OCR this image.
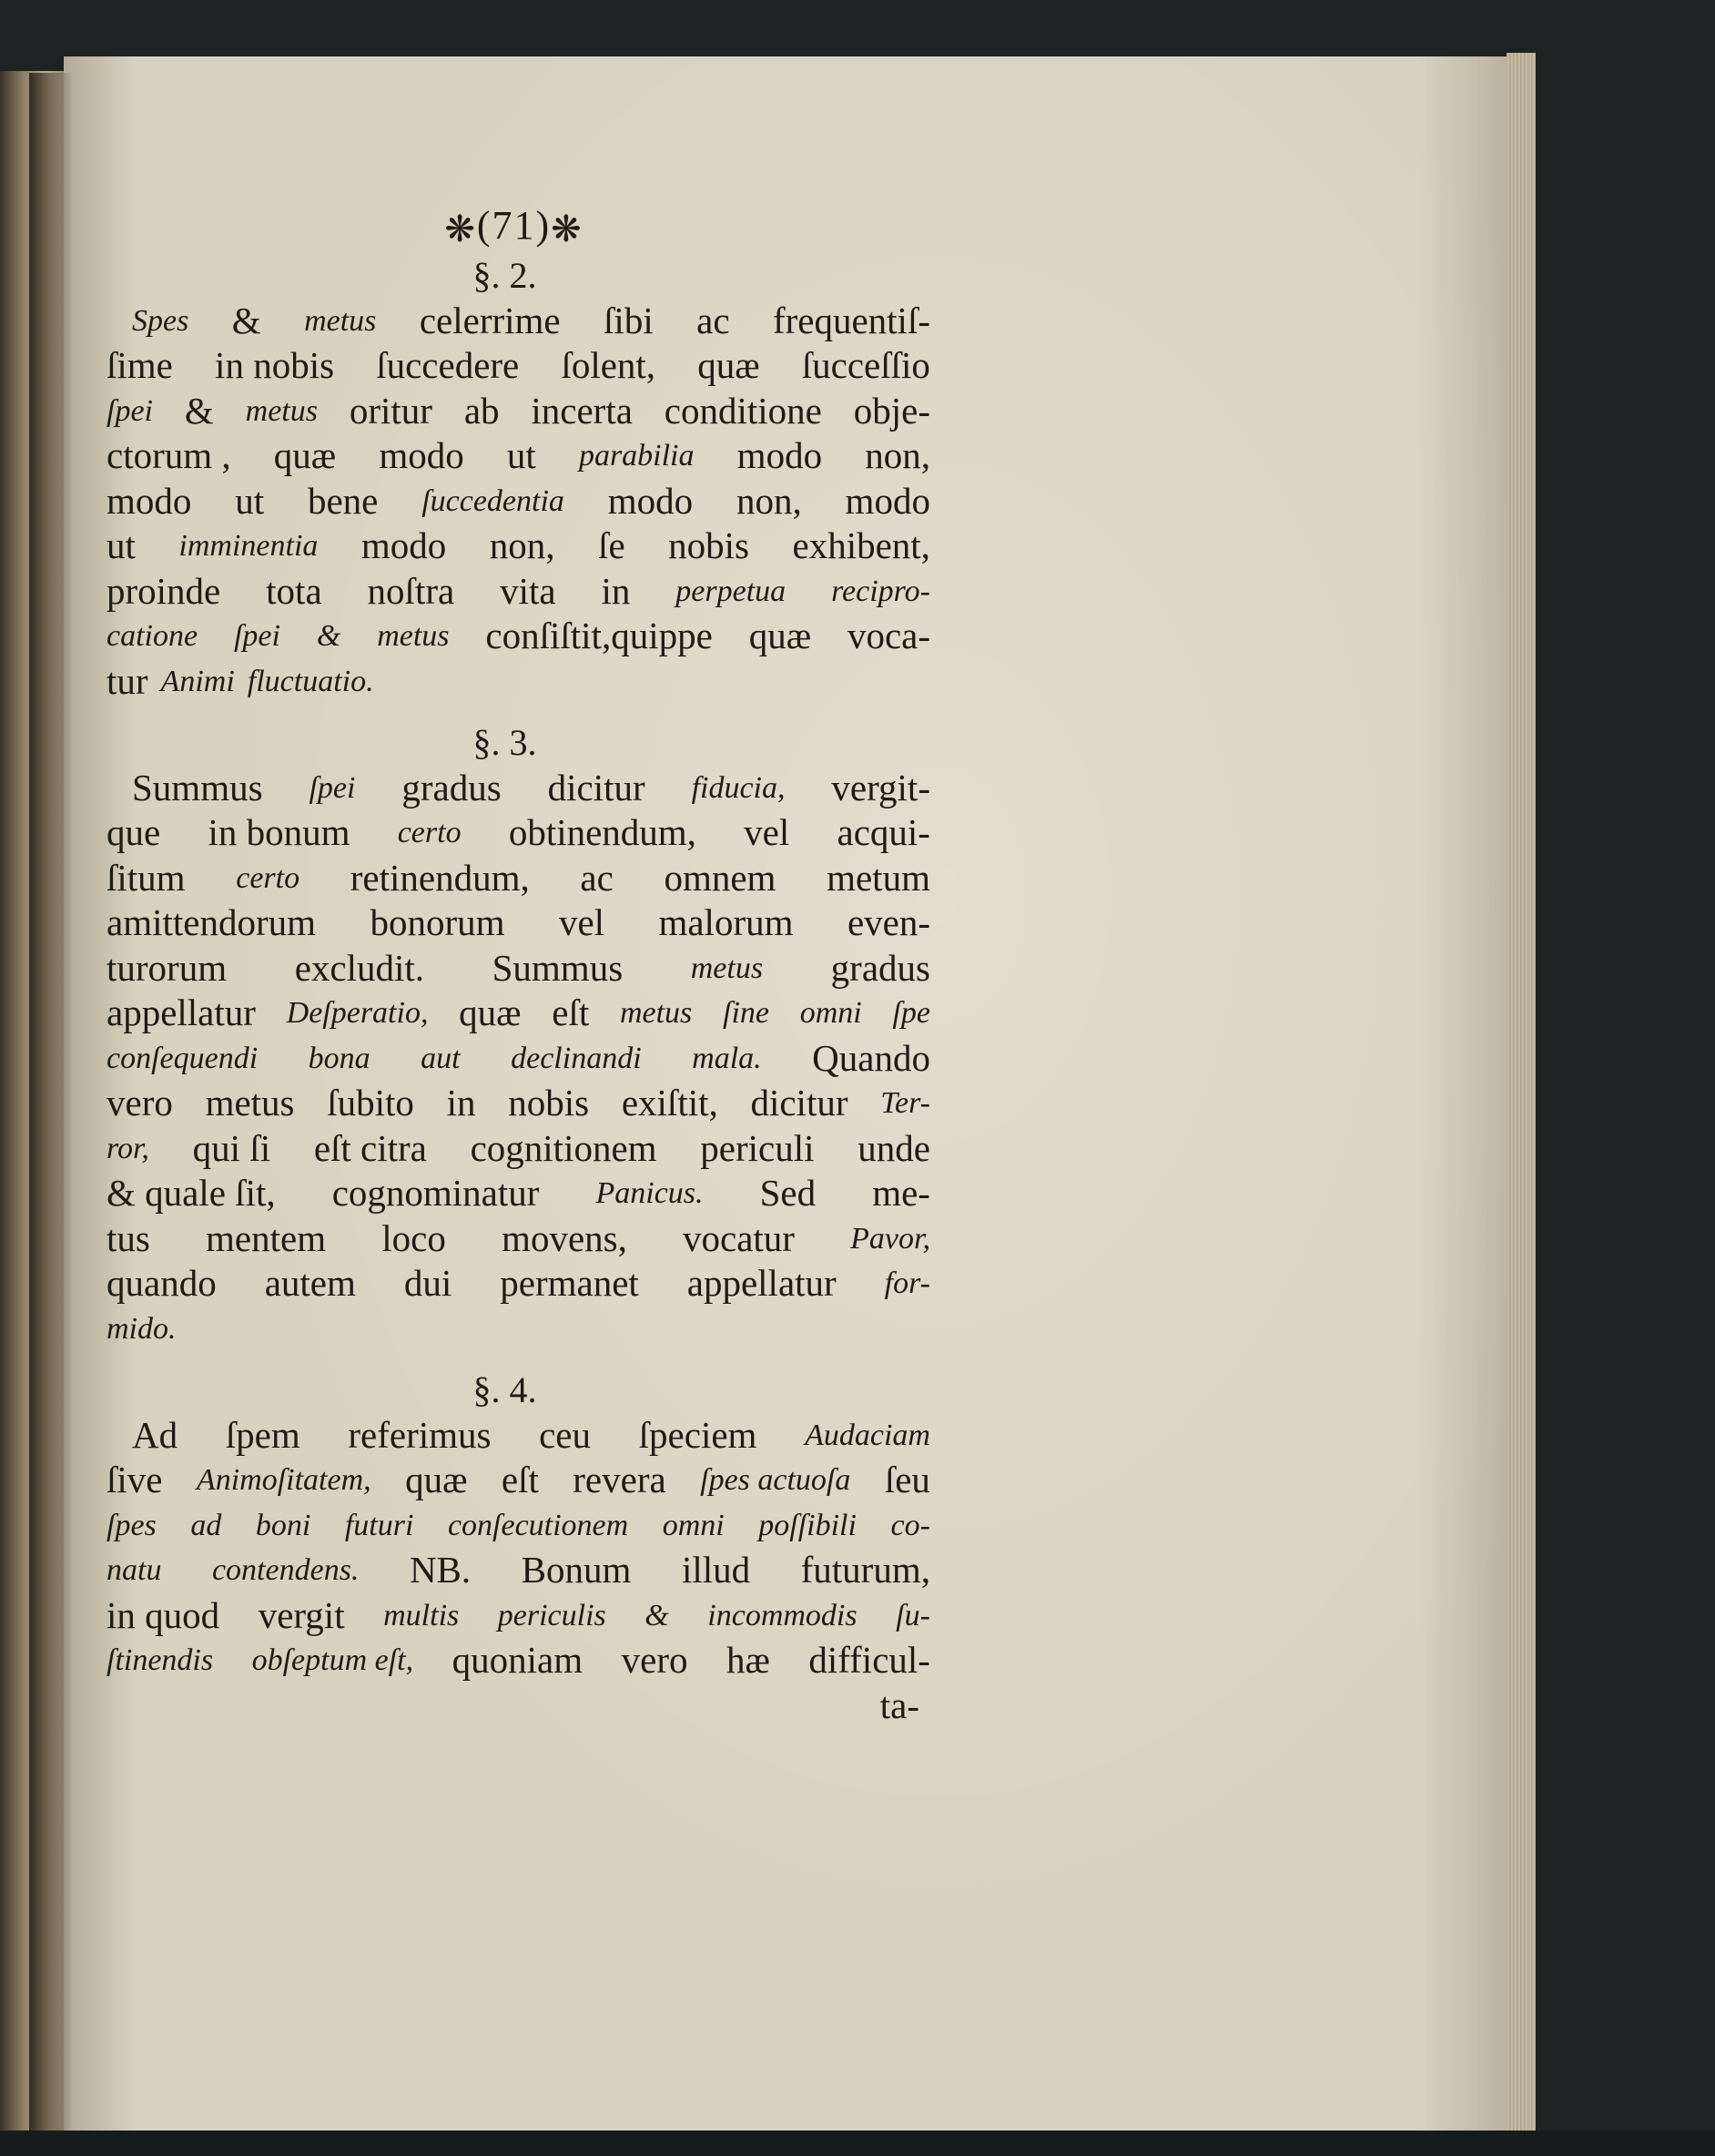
❋(71)❋
§. 2.
Spes & metus celerrime ſibi ac frequentiſ-
ſime in nobis ſuccedere ſolent, quæ ſucceſſio
ſpei & metus oritur ab incerta conditione obje-
ctorum , quæ modo ut parabilia modo non,
modo ut bene ſuccedentia modo non, modo
ut imminentia modo non, ſe nobis exhibent,
proinde tota noſtra vita in perpetua recipro-
catione ſpei & metus conſiſtit,quippe quæ voca-
tur Animi fluctuatio.
§. 3.
Summus ſpei gradus dicitur fiducia, vergit-
que in bonum certo obtinendum, vel acqui-
ſitum certo retinendum, ac omnem metum
amittendorum bonorum vel malorum even-
turorum excludit. Summus metus gradus
appellatur Deſperatio, quæ eſt metus ſine omni ſpe
conſequendi bona aut declinandi mala. Quando
vero metus ſubito in nobis exiſtit, dicitur Ter-
ror, qui ſi eſt citra cognitionem periculi unde
& quale ſit, cognominatur Panicus. Sed me-
tus mentem loco movens, vocatur Pavor,
quando autem dui permanet appellatur for-
mido.
§. 4.
Ad ſpem referimus ceu ſpeciem Audaciam
ſive Animoſitatem, quæ eſt revera ſpes actuoſa ſeu
ſpes ad boni futuri conſecutionem omni poſſibili co-
natu contendens. NB. Bonum illud futurum,
in quod vergit multis periculis & incommodis ſu-
ſtinendis obſeptum eſt, quoniam vero hæ difficul-
ta-
